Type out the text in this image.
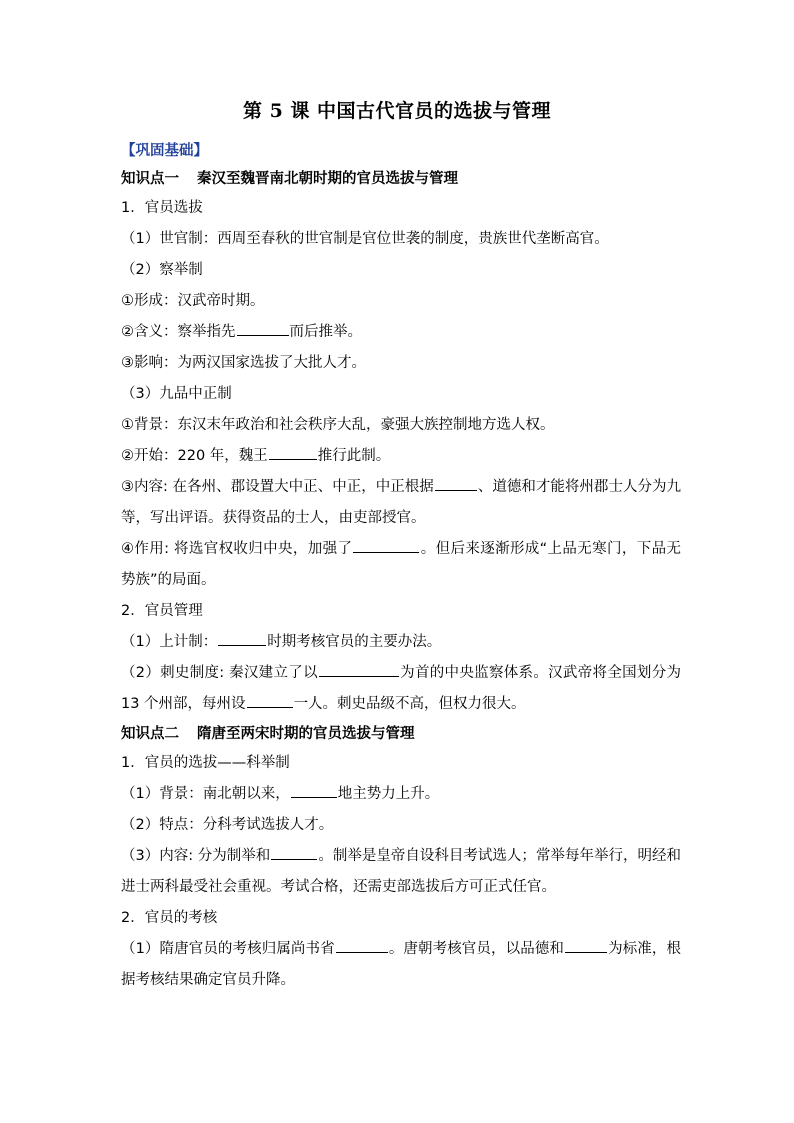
第 5 课 中国古代官员的选拔与管理
【巩固基础】
知识点一 秦汉至魏晋南北朝时期的官员选拔与管理
1．官员选拔
（1）世官制：西周至春秋的世官制是官位世袭的制度，贵族世代垄断高官。
（2）察举制
①形成：汉武帝时期。
②含义：察举指先	而后推举。
③影响：为两汉国家选拔了大批人才。
（3）九品中正制
①背景：东汉末年政治和社会秩序大乱，豪强大族控制地方选人权。
②开始：220 年，魏王	推行此制。
③内容: 在各州、郡设置大中正、中正，中正根据	、道德和才能将州郡士人分为九等，写出评语。获得资品的士人，由吏部授官。
④作用: 将选官权收归中央，加强了	。但后来逐渐形成“上品无寒门，下品无势族”的局面。
2．官员管理
（1）上计制：	时期考核官员的主要办法。
（2）刺史制度: 秦汉建立了以	为首的中央监察体系。汉武帝将全国划分为 13 个州部，每州设	一人。刺史品级不高，但权力很大。
知识点二 隋唐至两宋时期的官员选拔与管理
1．官员的选拔——科举制
（1）背景：南北朝以来，	地主势力上升。
（2）特点：分科考试选拔人才。
（3）内容: 分为制举和	。制举是皇帝自设科目考试选人；常举每年举行，明经和进士两科最受社会重视。考试合格，还需吏部选拔后方可正式任官。
2．官员的考核
（1）隋唐官员的考核归属尚书省	。唐朝考核官员，以品德和	为标准，根据考核结果确定官员升降。
